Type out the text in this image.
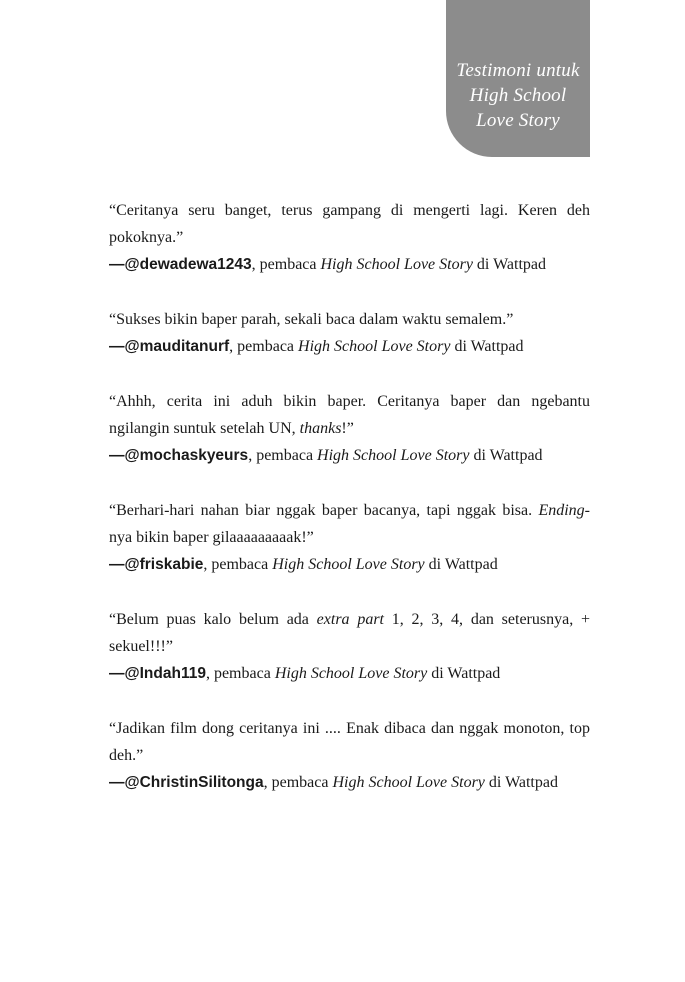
Testimoni untuk
High School
Love Story

“Ceritanya seru banget, terus gampang di mengerti lagi. Keren deh pokoknya.”

—@dewadewa1243, pembaca High School Love Story di Wattpad

“Sukses bikin baper parah, sekali baca dalam waktu semalem.”

—@mauditanurf, pembaca High School Love Story di Wattpad

“Ahhh, cerita ini aduh bikin baper. Ceritanya baper dan ngebantu ngilangin suntuk setelah UN, thanks!”

—@mochaskyeurs, pembaca High School Love Story di Wattpad

“Berhari-hari nahan biar nggak baper bacanya, tapi nggak bisa. Ending-nya bikin baper gilaaaaaaaaak!”

—@friskabie, pembaca High School Love Story di Wattpad

“Belum puas kalo belum ada extra part 1, 2, 3, 4, dan seterusnya, + sekuel!!!”

—@Indah119, pembaca High School Love Story di Wattpad

“Jadikan film dong ceritanya ini .... Enak dibaca dan nggak monoton, top deh.”

—@ChristinSilitonga, pembaca High School Love Story di Wattpad
